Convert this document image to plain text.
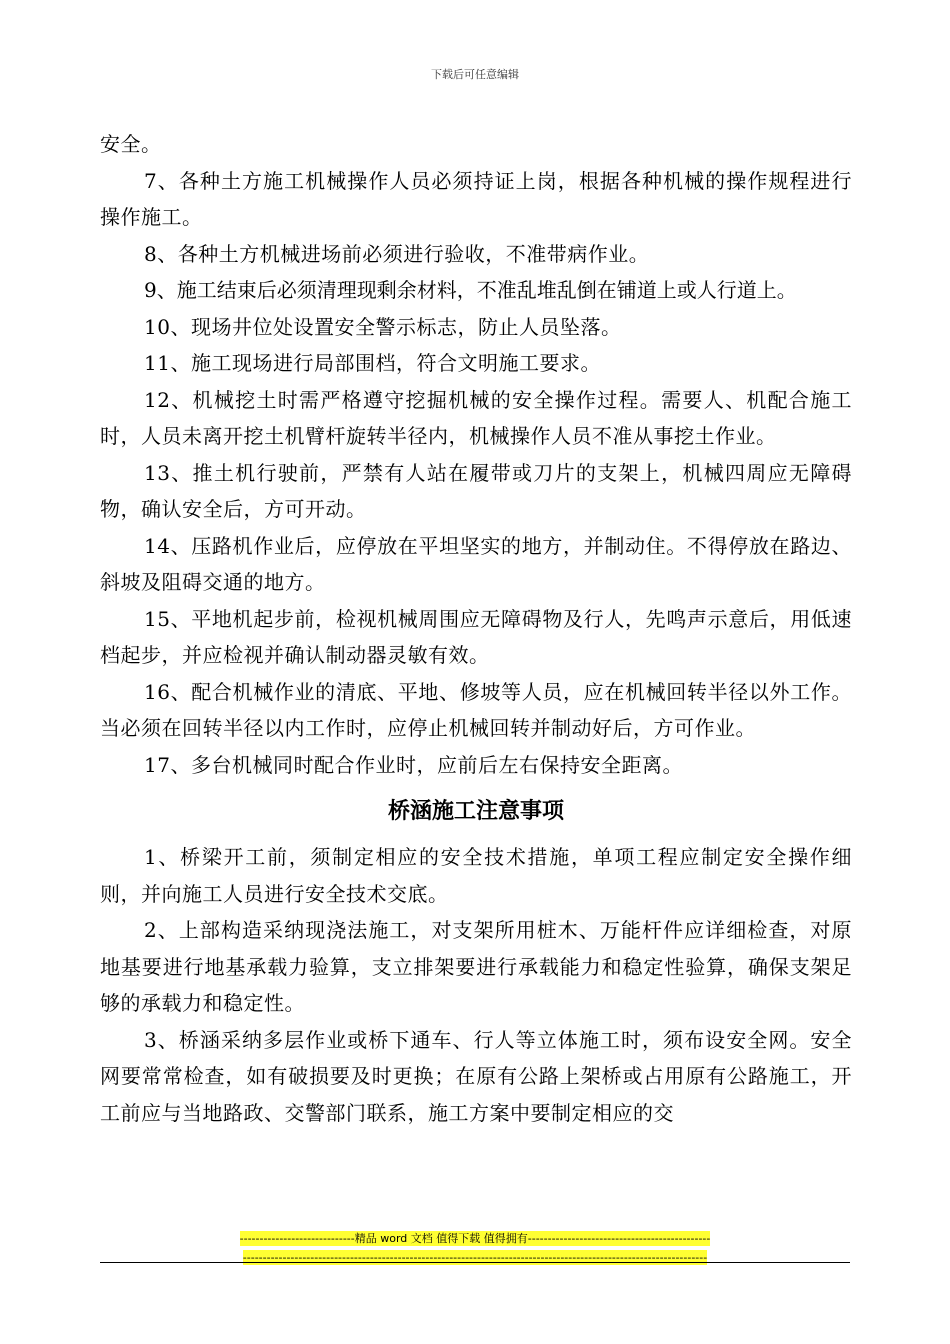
下载后可任意编辑

安全。

7、各种土方施工机械操作人员必须持证上岗，根据各种机械的操作规程进行操作施工。

8、各种土方机械进场前必须进行验收，不准带病作业。

9、施工结束后必须清理现剩余材料，不准乱堆乱倒在铺道上或人行道上。

10、现场井位处设置安全警示标志，防止人员坠落。

11、施工现场进行局部围档，符合文明施工要求。

12、机械挖土时需严格遵守挖掘机械的安全操作过程。需要人、机配合施工时，人员未离开挖土机臂杆旋转半径内，机械操作人员不准从事挖土作业。

13、推土机行驶前，严禁有人站在履带或刀片的支架上，机械四周应无障碍物，确认安全后，方可开动。

14、压路机作业后，应停放在平坦坚实的地方，并制动住。不得停放在路边、斜坡及阻碍交通的地方。

15、平地机起步前，检视机械周围应无障碍物及行人，先鸣声示意后，用低速档起步，并应检视并确认制动器灵敏有效。

16、配合机械作业的清底、平地、修坡等人员，应在机械回转半径以外工作。当必须在回转半径以内工作时，应停止机械回转并制动好后，方可作业。

17、多台机械同时配合作业时，应前后左右保持安全距离。

桥涵施工注意事项

1、桥梁开工前，须制定相应的安全技术措施，单项工程应制定安全操作细则，并向施工人员进行安全技术交底。

2、上部构造采纳现浇法施工，对支架所用桩木、万能杆件应详细检查，对原地基要进行地基承载力验算，支立排架要进行承载能力和稳定性验算，确保支架足够的承载力和稳定性。

3、桥涵采纳多层作业或桥下通车、行人等立体施工时，须布设安全网。安全网要常常检查，如有破损要及时更换；在原有公路上架桥或占用原有公路施工，开工前应与当地路政、交警部门联系，施工方案中要制定相应的交

-----------------------------精品 word 文档 值得下载 值得拥有----------------------------------------------
---------------------------------------------------------------------------------------------------------------------
